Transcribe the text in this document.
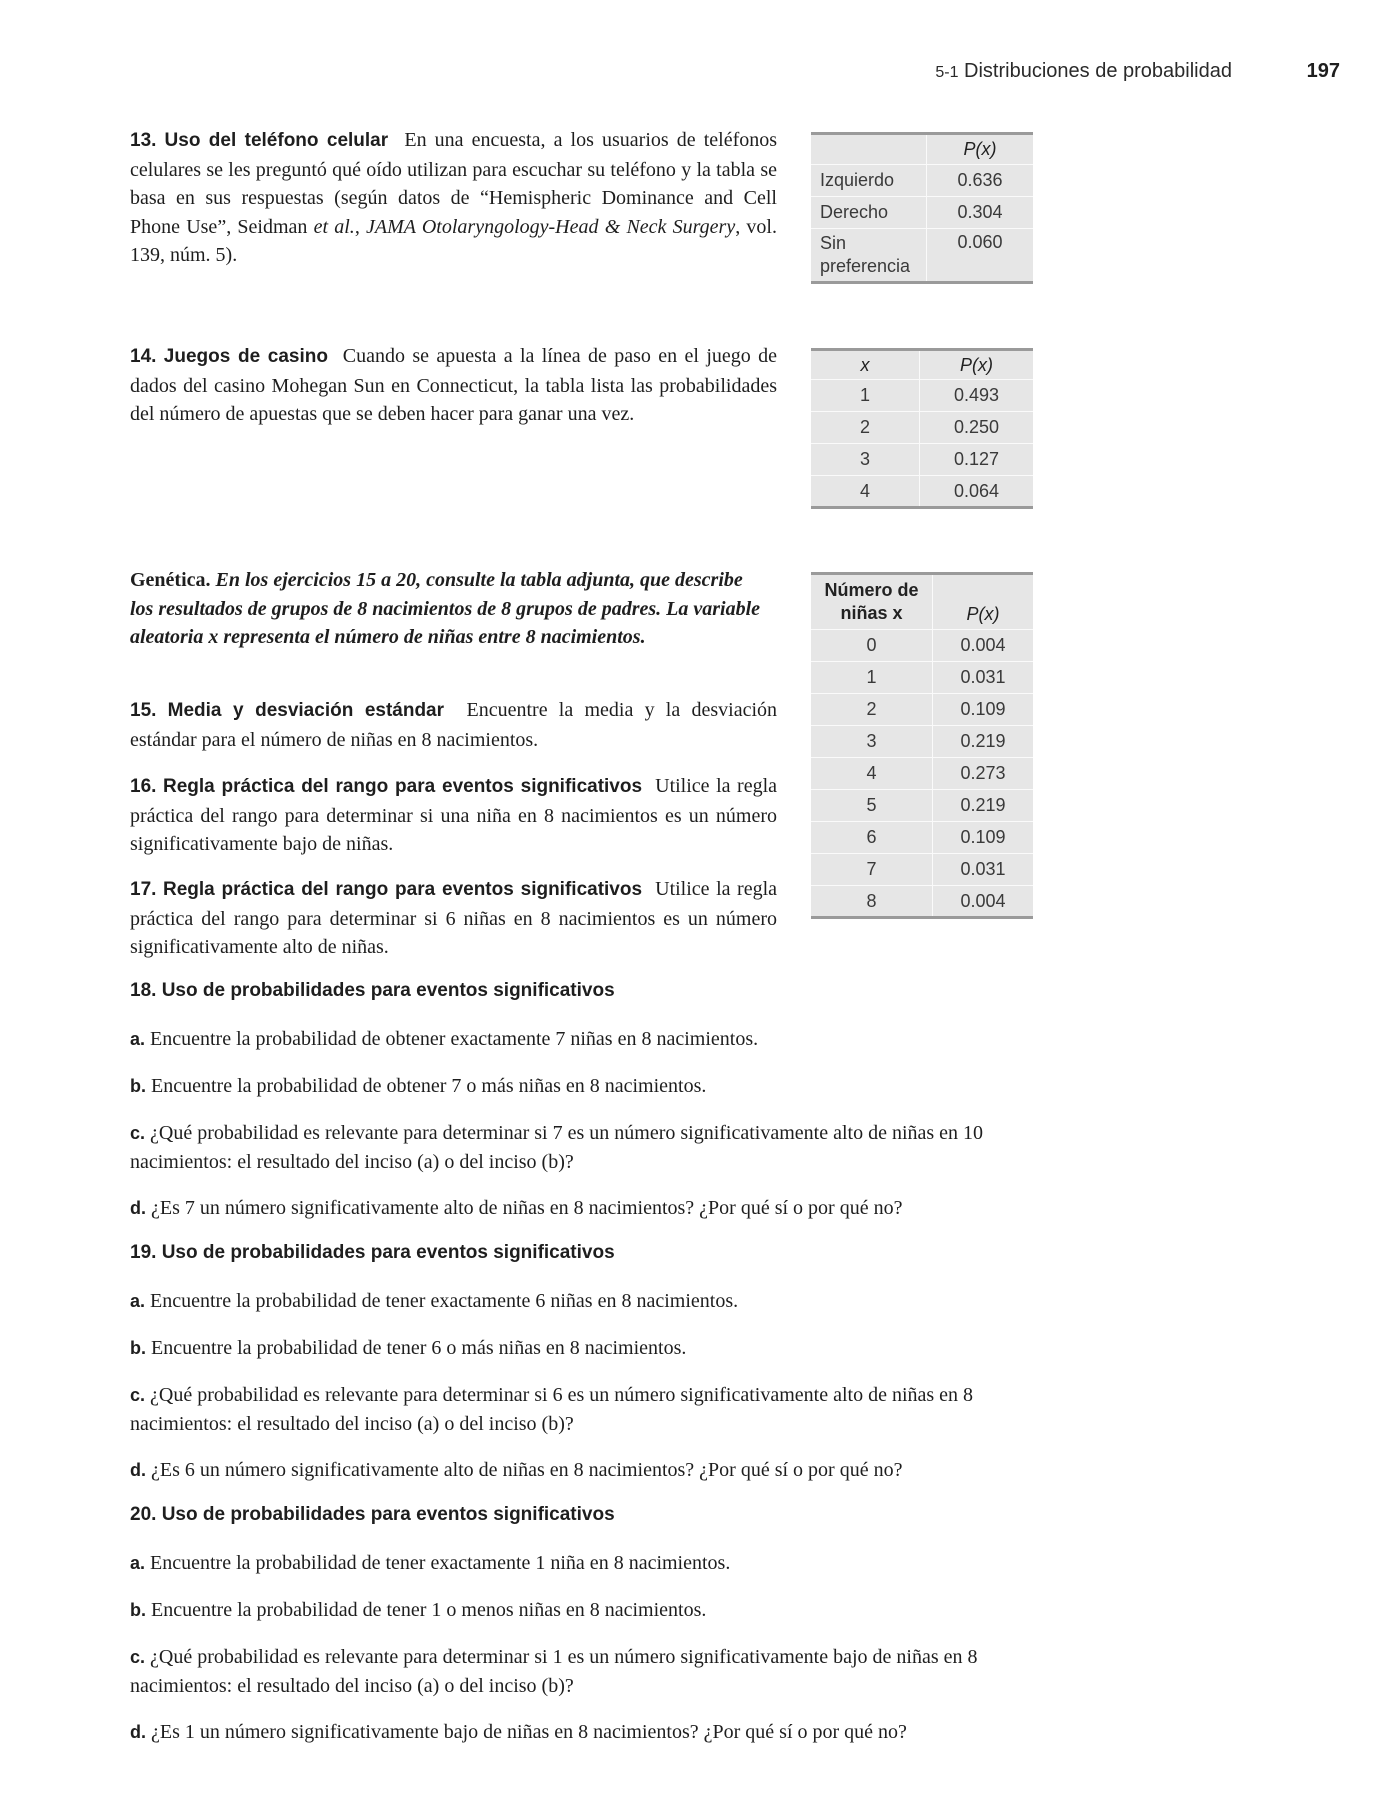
5-1 Distribuciones de probabilidad	197
13. Uso del teléfono celular En una encuesta, a los usuarios de teléfonos celulares se les preguntó qué oído utilizan para escuchar su teléfono y la tabla se basa en sus respuestas (según datos de “Hemispheric Dominance and Cell Phone Use”, Seidman et al., JAMA Otolaryngology-Head & Neck Surgery, vol. 139, núm. 5).
	P(x)
Izquierdo	0.636
Derecho	0.304
Sin preferencia	0.060
14. Juegos de casino Cuando se apuesta a la línea de paso en el juego de dados del casino Mohegan Sun en Connecticut, la tabla lista las probabilidades del número de apuestas que se deben hacer para ganar una vez.
x	P(x)
1	0.493
2	0.250
3	0.127
4	0.064
Genética. En los ejercicios 15 a 20, consulte la tabla adjunta, que describe los resultados de grupos de 8 nacimientos de 8 grupos de padres. La variable aleatoria x representa el número de niñas entre 8 nacimientos.
Número de niñas x	P(x)
0	0.004
1	0.031
2	0.109
3	0.219
4	0.273
5	0.219
6	0.109
7	0.031
8	0.004
15. Media y desviación estándar Encuentre la media y la desviación estándar para el número de niñas en 8 nacimientos.
16. Regla práctica del rango para eventos significativos Utilice la regla práctica del rango para determinar si una niña en 8 nacimientos es un número significativamente bajo de niñas.
17. Regla práctica del rango para eventos significativos Utilice la regla práctica del rango para determinar si 6 niñas en 8 nacimientos es un número significativamente alto de niñas.
18. Uso de probabilidades para eventos significativos
a. Encuentre la probabilidad de obtener exactamente 7 niñas en 8 nacimientos.
b. Encuentre la probabilidad de obtener 7 o más niñas en 8 nacimientos.
c. ¿Qué probabilidad es relevante para determinar si 7 es un número significativamente alto de niñas en 10 nacimientos: el resultado del inciso (a) o del inciso (b)?
d. ¿Es 7 un número significativamente alto de niñas en 8 nacimientos? ¿Por qué sí o por qué no?
19. Uso de probabilidades para eventos significativos
a. Encuentre la probabilidad de tener exactamente 6 niñas en 8 nacimientos.
b. Encuentre la probabilidad de tener 6 o más niñas en 8 nacimientos.
c. ¿Qué probabilidad es relevante para determinar si 6 es un número significativamente alto de niñas en 8 nacimientos: el resultado del inciso (a) o del inciso (b)?
d. ¿Es 6 un número significativamente alto de niñas en 8 nacimientos? ¿Por qué sí o por qué no?
20. Uso de probabilidades para eventos significativos
a. Encuentre la probabilidad de tener exactamente 1 niña en 8 nacimientos.
b. Encuentre la probabilidad de tener 1 o menos niñas en 8 nacimientos.
c. ¿Qué probabilidad es relevante para determinar si 1 es un número significativamente bajo de niñas en 8 nacimientos: el resultado del inciso (a) o del inciso (b)?
d. ¿Es 1 un número significativamente bajo de niñas en 8 nacimientos? ¿Por qué sí o por qué no?
